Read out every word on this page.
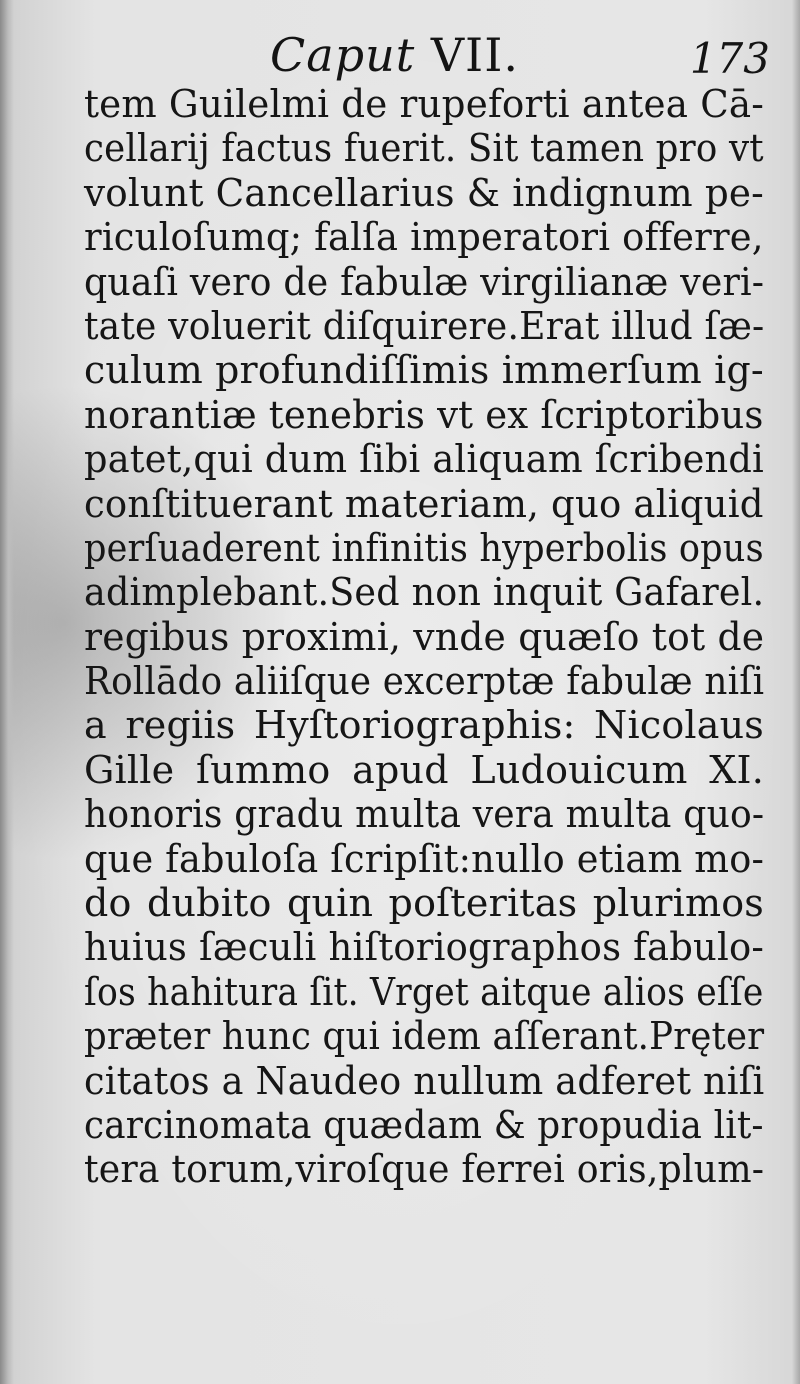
Caput VII.	173
tem Guilelmi de rupeforti antea Cā-
cellarij factus fuerit. Sit tamen pro vt
volunt Cancellarius & indignum pe-
riculoſumq; falſa imperatori offerre,
quaſi vero de fabulæ virgilianæ veri-
tate voluerit diſquirere.Erat illud ſæ-
culum profundiſſimis immerſum ig-
norantiæ tenebris vt ex ſcriptoribus
patet,qui dum ſibi aliquam ſcribendi
conſtituerant materiam, quo aliquid
perſuaderent infinitis hyperbolis opus
adimplebant.Sed non inquit Gafarel.
regibus proximi, vnde quæſo tot de
Rollādo aliiſque excerptæ fabulæ niſi
a regiis Hyſtoriographis: Nicolaus
Gille ſummo apud Ludouicum XI.
honoris gradu multa vera multa quo-
que fabuloſa ſcripſit:nullo etiam mo-
do dubito quin poſteritas plurimos
huius ſæculi hiſtoriographos fabulo-
ſos hahitura ſit. Vrget aitque alios eſſe
præter hunc qui idem aſſerant.Pręter
citatos a Naudeo nullum adferet niſi
carcinomata quædam & propudia lit-
tera torum,viroſque ferrei oris,plum-
